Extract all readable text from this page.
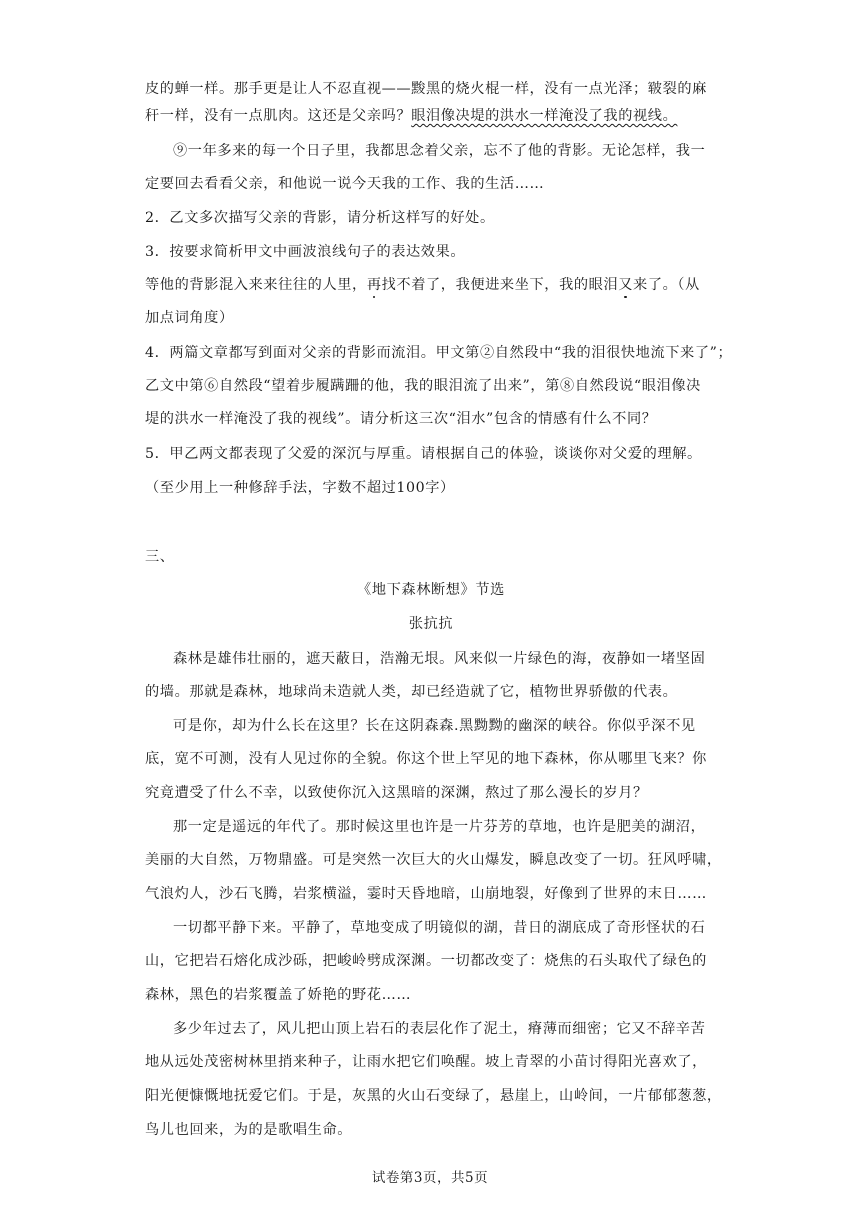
皮的蝉一样。那手更是让人不忍直视——黢黑的烧火棍一样，没有一点光泽；皲裂的麻
秆一样，没有一点肌肉。这还是父亲吗？眼泪像决堤的洪水一样淹没了我的视线。
⑨一年多来的每一个日子里，我都思念着父亲，忘不了他的背影。无论怎样，我一
定要回去看看父亲，和他说一说今天我的工作、我的生活……
2．乙文多次描写父亲的背影，请分析这样写的好处。
3．按要求简析甲文中画波浪线句子的表达效果。
等他的背影混入来来往往的人里，再找不着了，我便进来坐下，我的眼泪又来了。（从
加点词角度）
4．两篇文章都写到面对父亲的背影而流泪。甲文第②自然段中“我的泪很快地流下来了”；
乙文中第⑥自然段“望着步履蹒跚的他，我的眼泪流了出来”，第⑧自然段说“眼泪像决
堤的洪水一样淹没了我的视线”。请分析这三次“泪水”包含的情感有什么不同？
5．甲乙两文都表现了父爱的深沉与厚重。请根据自己的体验，谈谈你对父爱的理解。
（至少用上一种修辞手法，字数不超过100字）
三、
《地下森林断想》节选
张抗抗
森林是雄伟壮丽的，遮天蔽日，浩瀚无垠。风来似一片绿色的海，夜静如一堵坚固
的墙。那就是森林，地球尚未造就人类，却已经造就了它，植物世界骄傲的代表。
可是你，却为什么长在这里？长在这阴森森.黑黝黝的幽深的峡谷。你似乎深不见
底，宽不可测，没有人见过你的全貌。你这个世上罕见的地下森林，你从哪里飞来？你
究竟遭受了什么不幸，以致使你沉入这黑暗的深渊，熬过了那么漫长的岁月？
那一定是遥远的年代了。那时候这里也许是一片芬芳的草地，也许是肥美的湖沼，
美丽的大自然，万物鼎盛。可是突然一次巨大的火山爆发，瞬息改变了一切。狂风呼啸，
气浪灼人，沙石飞腾，岩浆横溢，霎时天昏地暗，山崩地裂，好像到了世界的末日……
一切都平静下来。平静了，草地变成了明镜似的湖，昔日的湖底成了奇形怪状的石
山，它把岩石熔化成沙砾，把峻岭劈成深渊。一切都改变了：烧焦的石头取代了绿色的
森林，黑色的岩浆覆盖了娇艳的野花……
多少年过去了，风儿把山顶上岩石的表层化作了泥土，瘠薄而细密；它又不辞辛苦
地从远处茂密树林里捎来种子，让雨水把它们唤醒。坡上青翠的小苗讨得阳光喜欢了，
阳光便慷慨地抚爱它们。于是，灰黑的火山石变绿了，悬崖上，山岭间，一片郁郁葱葱，
鸟儿也回来，为的是歌唱生命。
试卷第3页，共5页
